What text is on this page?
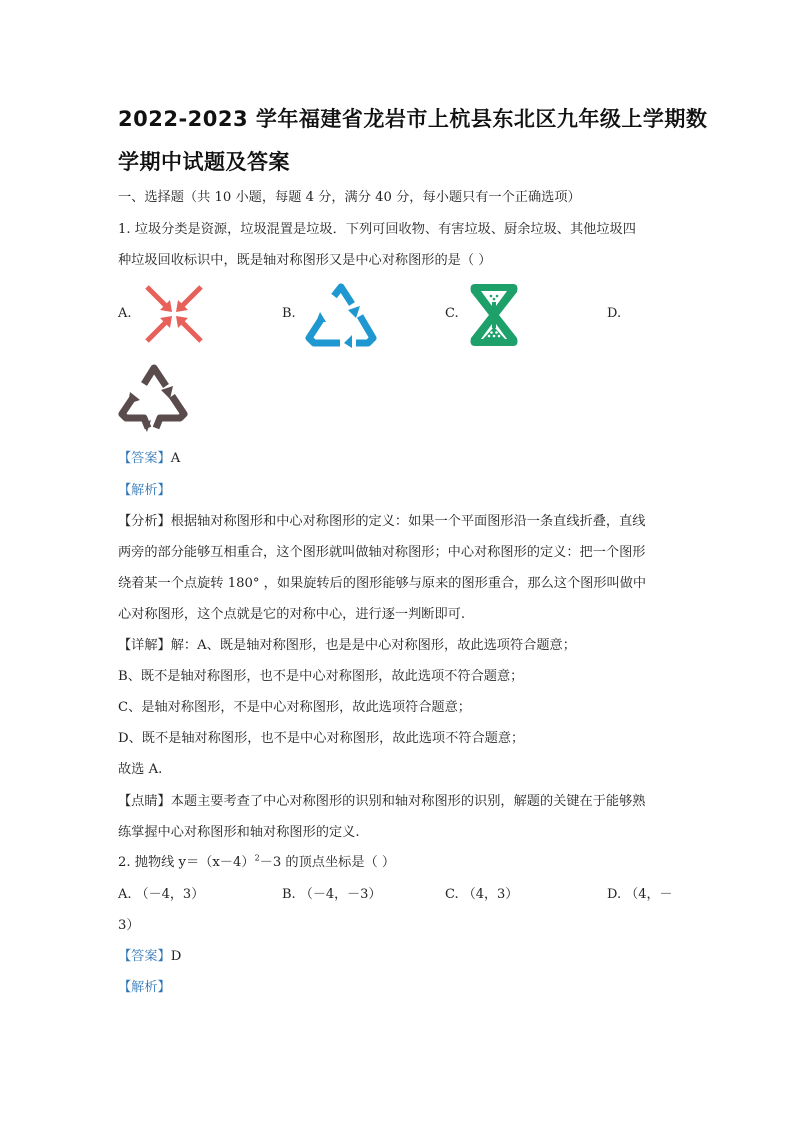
2022-2023 学年福建省龙岩市上杭县东北区九年级上学期数
学期中试题及答案
一、选择题（共 10 小题，每题 4 分，满分 40 分，每小题只有一个正确选项）
1. 垃圾分类是资源，垃圾混置是垃圾．下列可回收物、有害垃圾、厨余垃圾、其他垃圾四
种垃圾回收标识中，既是轴对称图形又是中心对称图形的是（ ）
A.	B.	C.	D.
【答案】A
【解析】
【分析】根据轴对称图形和中心对称图形的定义：如果一个平面图形沿一条直线折叠，直线
两旁的部分能够互相重合，这个图形就叫做轴对称图形；中心对称图形的定义：把一个图形
绕着某一个点旋转 180° ，如果旋转后的图形能够与原来的图形重合，那么这个图形叫做中
心对称图形，这个点就是它的对称中心，进行逐一判断即可.
【详解】解：A、既是轴对称图形，也是是中心对称图形，故此选项符合题意；
B、既不是轴对称图形，也不是中心对称图形，故此选项不符合题意；
C、是轴对称图形，不是中心对称图形，故此选项符合题意；
D、既不是轴对称图形，也不是中心对称图形，故此选项不符合题意；
故选 A.
【点睛】本题主要考查了中心对称图形的识别和轴对称图形的识别，解题的关键在于能够熟
练掌握中心对称图形和轴对称图形的定义.
2. 抛物线 $y=(x-4)^2-3$ 的顶点坐标是（ ）
A. （－4，3）	B. （－4，－3）	C. （4，3）	D. （4，－
3）
【答案】D
【解析】
